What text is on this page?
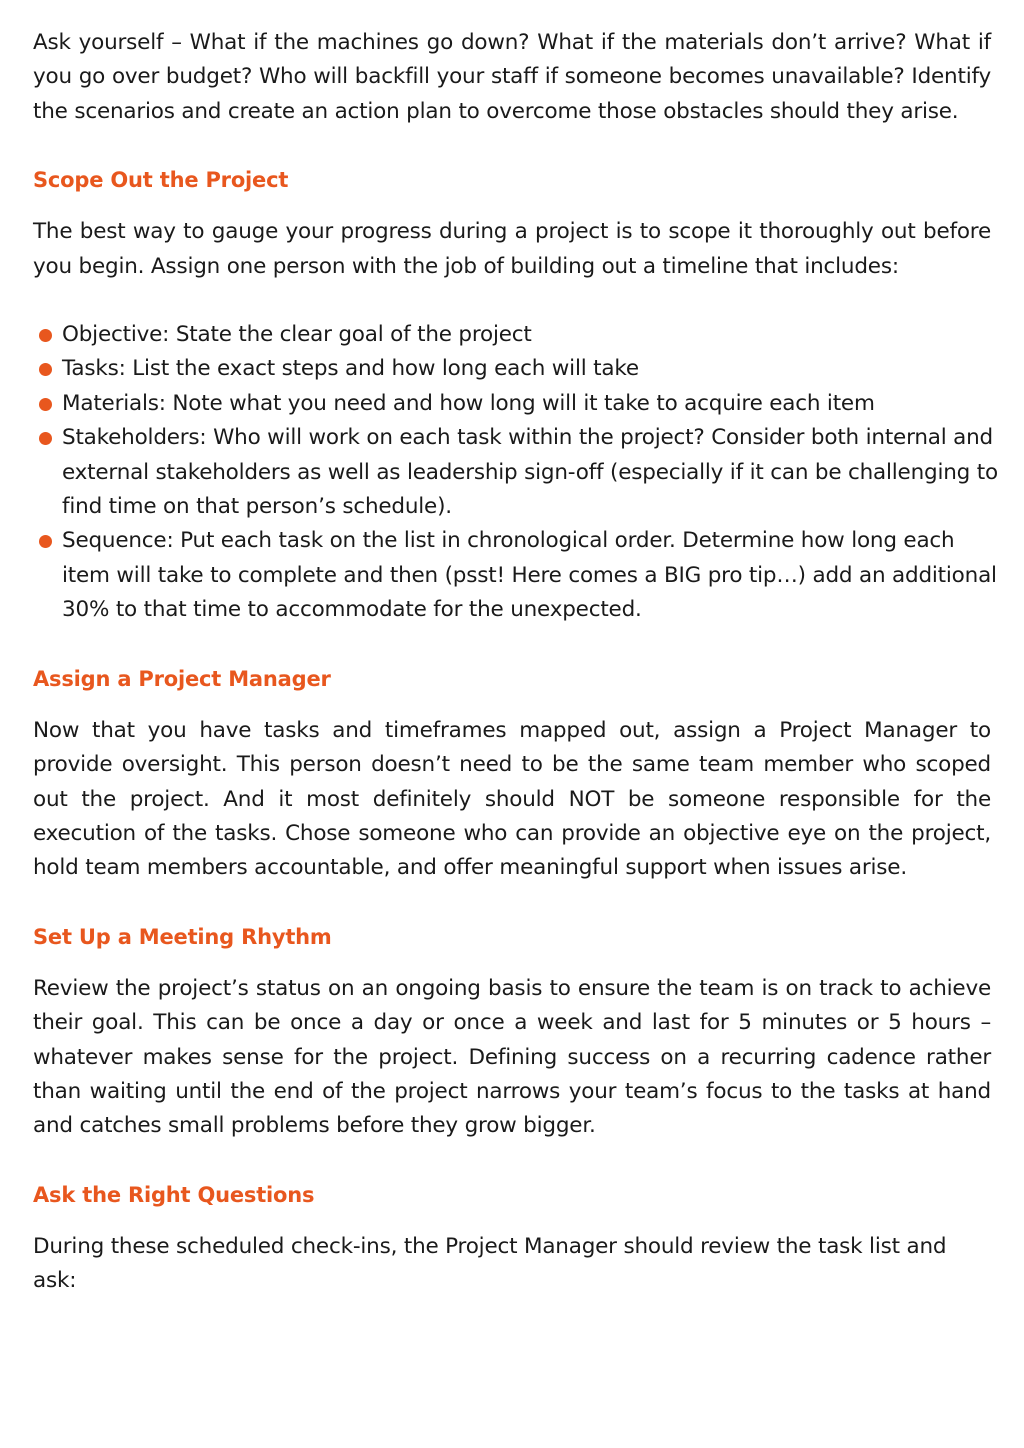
Ask yourself – What if the machines go down? What if the materials don’t arrive? What if you go over budget? Who will backfill your staff if someone becomes unavailable? Identify the scenarios and create an action plan to overcome those obstacles should they arise.

Scope Out the Project

The best way to gauge your progress during a project is to scope it thoroughly out before you begin. Assign one person with the job of building out a timeline that includes:

Objective: State the clear goal of the project
Tasks: List the exact steps and how long each will take
Materials: Note what you need and how long will it take to acquire each item
Stakeholders: Who will work on each task within the project? Consider both internal and external stakeholders as well as leadership sign-off (especially if it can be challenging to find time on that person’s schedule).
Sequence: Put each task on the list in chronological order. Determine how long each item will take to complete and then (psst! Here comes a BIG pro tip…) add an additional 30% to that time to accommodate for the unexpected.
Assign a Project Manager

Now that you have tasks and timeframes mapped out, assign a Project Manager to provide oversight. This person doesn’t need to be the same team member who scoped out the project. And it most definitely should NOT be someone responsible for the execution of the tasks. Chose someone who can provide an objective eye on the project, hold team members accountable, and offer meaningful support when issues arise.

Set Up a Meeting Rhythm

Review the project’s status on an ongoing basis to ensure the team is on track to achieve their goal. This can be once a day or once a week and last for 5 minutes or 5 hours – whatever makes sense for the project. Defining success on a recurring cadence rather than waiting until the end of the project narrows your team’s focus to the tasks at hand and catches small problems before they grow bigger.

Ask the Right Questions

During these scheduled check-ins, the Project Manager should review the task list and ask:
